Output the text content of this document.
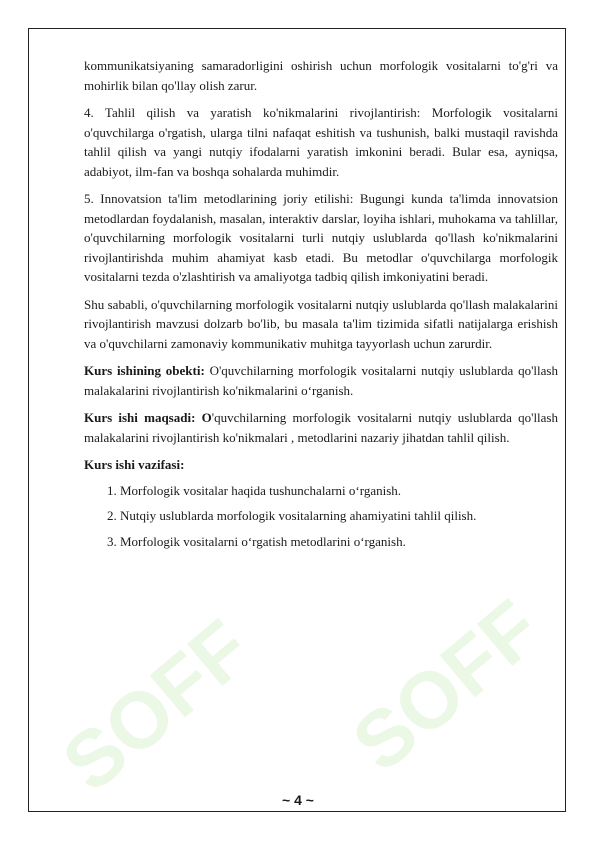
SOFF SOFF

kommunikatsiyaning samaradorligini oshirish uchun morfologik vositalarni to'g'ri va mohirlik bilan qo'llay olish zarur.

4. Tahlil qilish va yaratish ko'nikmalarini rivojlantirish: Morfologik vositalarni o'quvchilarga o'rgatish, ularga tilni nafaqat eshitish va tushunish, balki mustaqil ravishda tahlil qilish va yangi nutqiy ifodalarni yaratish imkonini beradi. Bular esa, ayniqsa, adabiyot, ilm-fan va boshqa sohalarda muhimdir.

5. Innovatsion ta'lim metodlarining joriy etilishi: Bugungi kunda ta'limda innovatsion metodlardan foydalanish, masalan, interaktiv darslar, loyiha ishlari, muhokama va tahlillar, o'quvchilarning morfologik vositalarni turli nutqiy uslublarda qo'llash ko'nikmalarini rivojlantirishda muhim ahamiyat kasb etadi. Bu metodlar o'quvchilarga morfologik vositalarni tezda o'zlashtirish va amaliyotga tadbiq qilish imkoniyatini beradi.

Shu sababli, o'quvchilarning morfologik vositalarni nutqiy uslublarda qo'llash malakalarini rivojlantirish mavzusi dolzarb bo'lib, bu masala ta'lim tizimida sifatli natijalarga erishish va o'quvchilarni zamonaviy kommunikativ muhitga tayyorlash uchun zarurdir.

Kurs ishining obekti: O'quvchilarning morfologik vositalarni nutqiy uslublarda qo'llash malakalarini rivojlantirish ko'nikmalarini o‘rganish.

Kurs ishi maqsadi: O'quvchilarning morfologik vositalarni nutqiy uslublarda qo'llash malakalarini rivojlantirish ko'nikmalari , metodlarini nazariy jihatdan tahlil qilish.

Kurs ishi vazifasi:

1. Morfologik vositalar haqida tushunchalarni o‘rganish.
2. Nutqiy uslublarda morfologik vositalarning ahamiyatini tahlil qilish.
3. Morfologik vositalarni o‘rgatish metodlarini o‘rganish.
~ 4 ~
